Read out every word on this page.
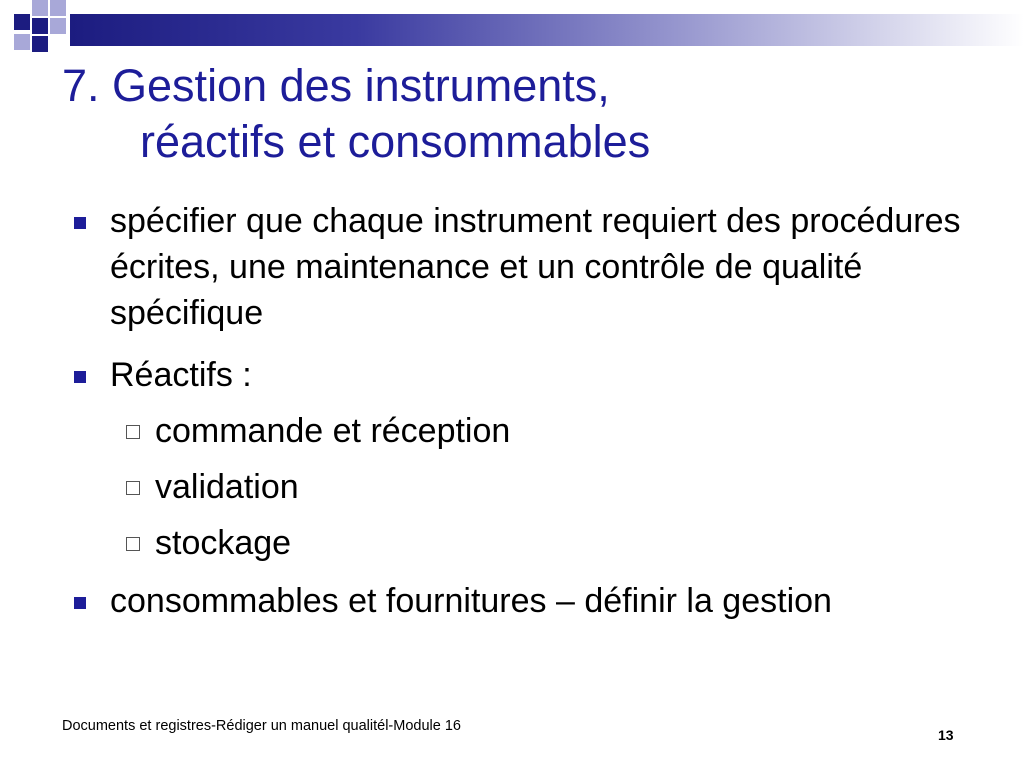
7. Gestion des instruments,
réactifs et consommables
spécifier que chaque instrument requiert des procédures écrites, une maintenance et un contrôle de qualité spécifique
Réactifs :
commande et réception
validation
stockage
consommables et fournitures – définir la gestion
Documents et registres-Rédiger un manuel qualitél-Module 16
13
